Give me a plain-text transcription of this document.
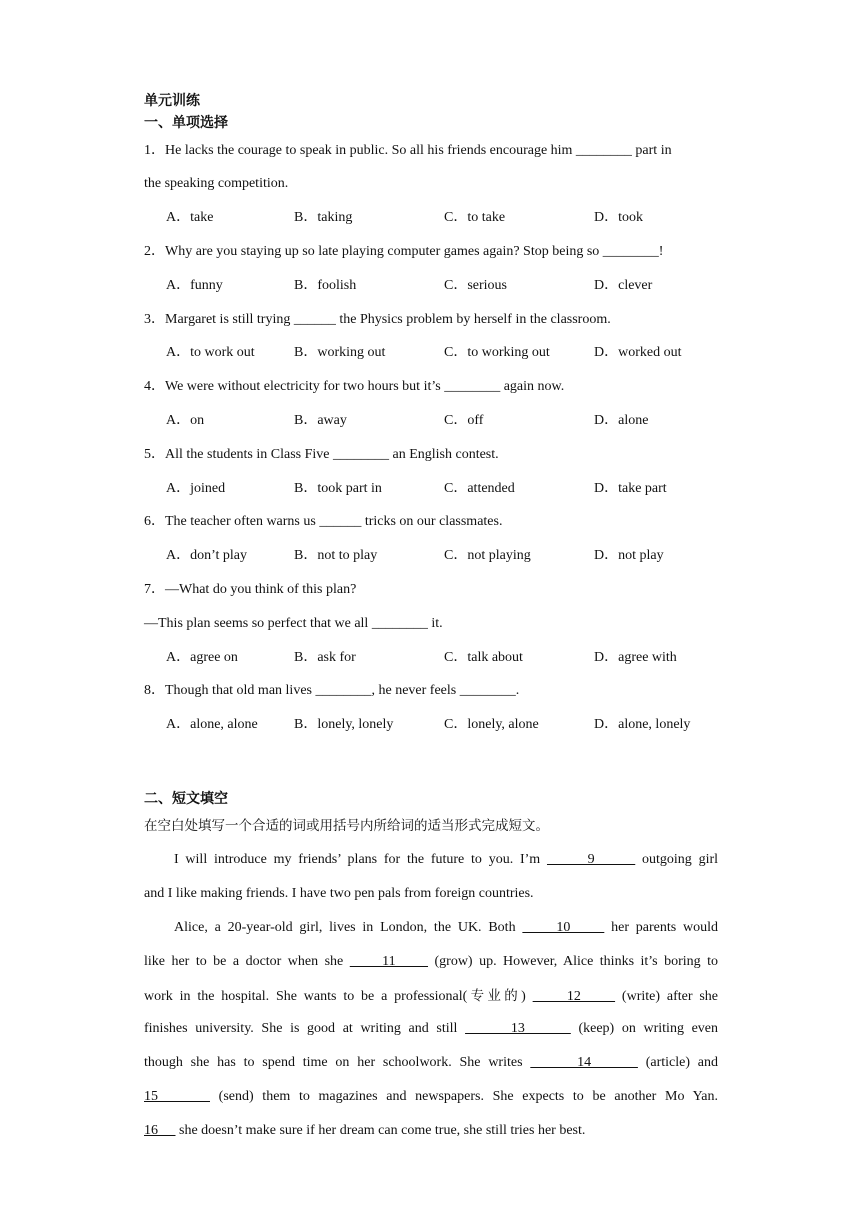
单元训练
一、单项选择
1．He lacks the courage to speak in public. So all his friends encourage him ________ part in
the speaking competition.
A．take	B．taking	C．to take	D．took
2．Why are you staying up so late playing computer games again? Stop being so ________!
A．funny	B．foolish	C．serious	D．clever
3．Margaret is still trying ______ the Physics problem by herself in the classroom.
A．to work out	B．working out	C．to working out	D．worked out
4．We were without electricity for two hours but it’s ________ again now.
A．on	B．away	C．off	D．alone
5．All the students in Class Five ________ an English contest.
A．joined	B．took part in	C．attended	D．take part
6．The teacher often warns us ______ tricks on our classmates.
A．don’t play	B．not to play	C．not playing	D．not play
7．—What do you think of this plan?
—This plan seems so perfect that we all ________ it.
A．agree on	B．ask for	C．talk about	D．agree with
8．Though that old man lives ________, he never feels ________.
A．alone, alone	B．lonely, lonely	C．lonely, alone	D．alone, lonely
二、短文填空
在空白处填写一个合适的词或用括号内所给词的适当形式完成短文。
I will introduce my friends’ plans for the future to you. I’m       9       outgoing girl
and I like making friends. I have two pen pals from foreign countries.
Alice, a 20-year-old girl, lives in London, the UK. Both      10      her parents would
like her to be a doctor when she      11      (grow) up. However, Alice thinks it’s boring to
work in the hospital. She wants to be a professional(专业的)      12      (write) after she
finishes university. She is good at writing and still       13       (keep) on writing even
though she has to spend time on her schoolwork. She writes       14       (article) and
15       (send) them to magazines and newspapers. She expects to be another Mo Yan.
16      she doesn’t make sure if her dream can come true, she still tries her best.
